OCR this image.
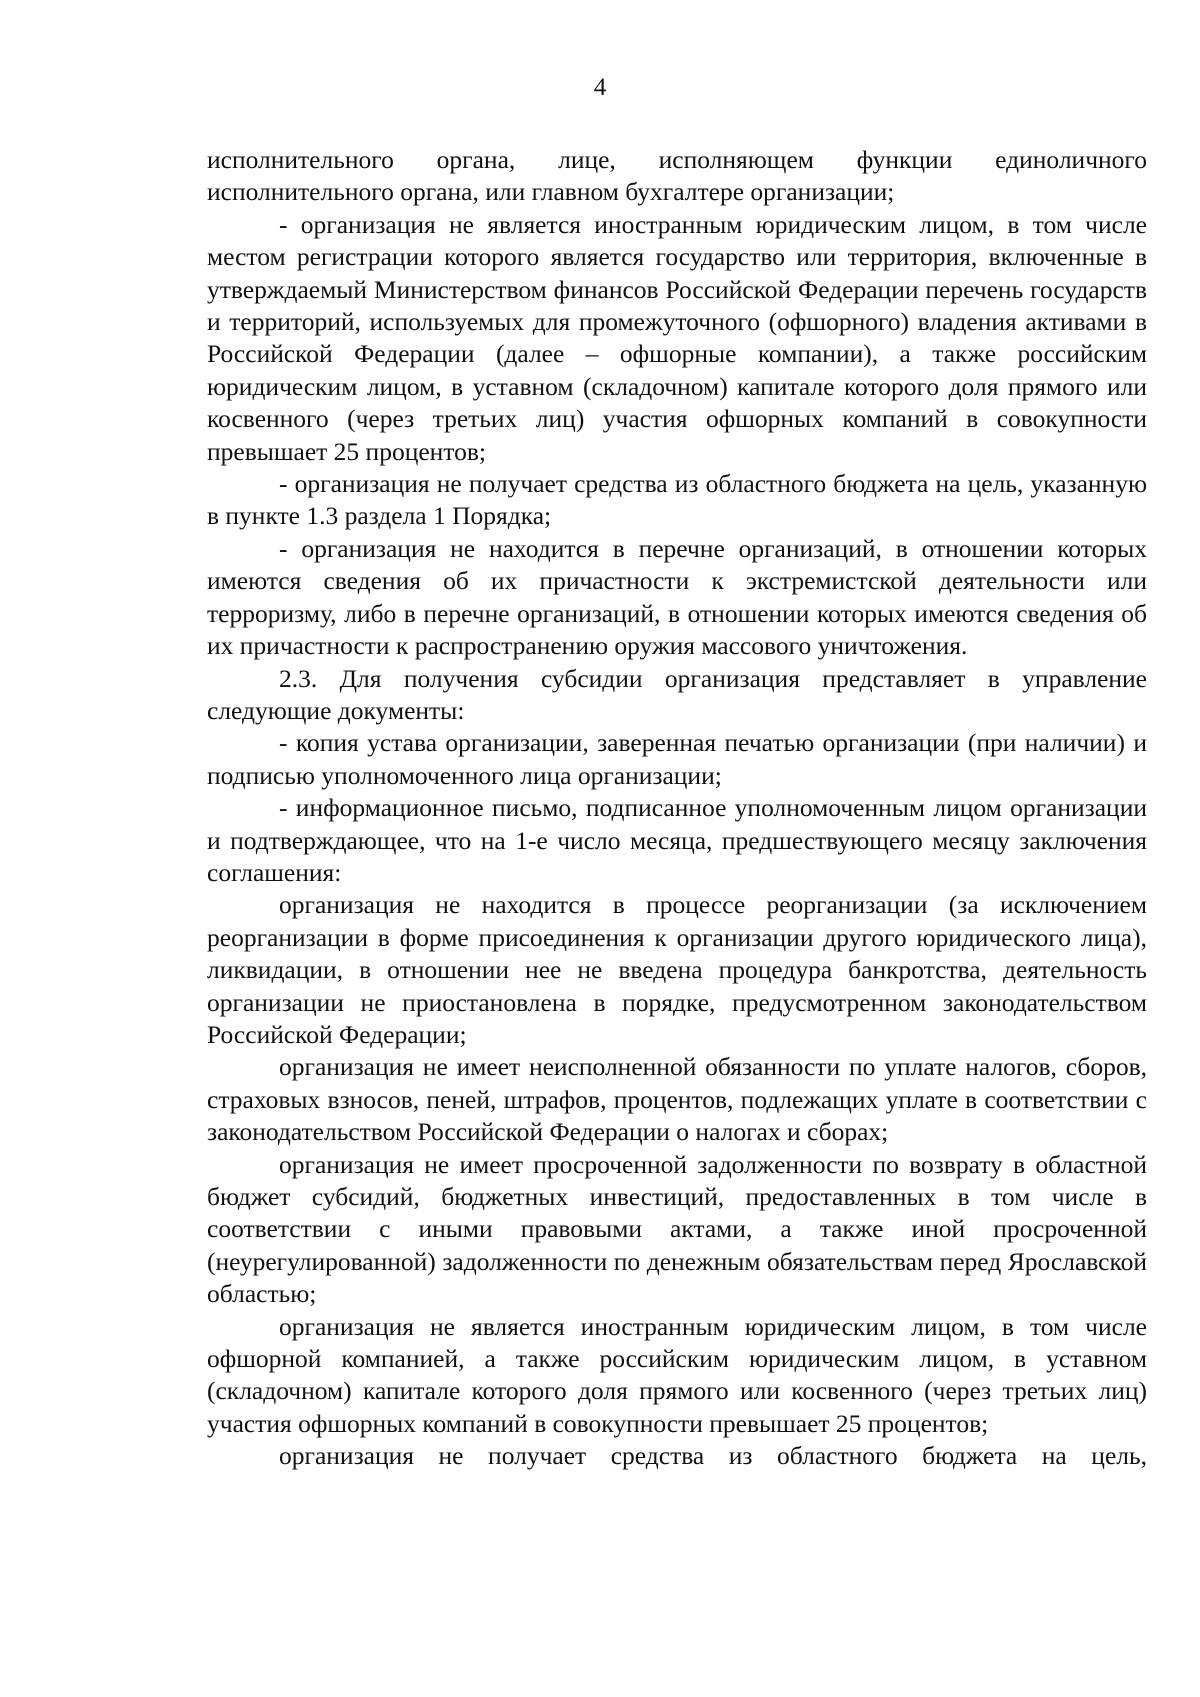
4

исполнительного органа, лице, исполняющем функции единоличного исполнительного органа, или главном бухгалтере организации;

- организация не является иностранным юридическим лицом, в том числе местом регистрации которого является государство или территория, включенные в утверждаемый Министерством финансов Российской Федерации перечень государств и территорий, используемых для промежуточного (офшорного) владения активами в Российской Федерации (далее – офшорные компании), а также российским юридическим лицом, в уставном (складочном) капитале которого доля прямого или косвенного (через третьих лиц) участия офшорных компаний в совокупности превышает 25 процентов;

- организация не получает средства из областного бюджета на цель, указанную в пункте 1.3 раздела 1 Порядка;

- организация не находится в перечне организаций, в отношении которых имеются сведения об их причастности к экстремистской деятельности или терроризму, либо в перечне организаций, в отношении которых имеются сведения об их причастности к распространению оружия массового уничтожения.

2.3. Для получения субсидии организация представляет в управление следующие документы:

- копия устава организации, заверенная печатью организации (при наличии) и подписью уполномоченного лица организации;

- информационное письмо, подписанное уполномоченным лицом организации и подтверждающее, что на 1-е число месяца, предшествующего месяцу заключения соглашения:

организация не находится в процессе реорганизации (за исключением реорганизации в форме присоединения к организации другого юридического лица), ликвидации, в отношении нее не введена процедура банкротства, деятельность организации не приостановлена в порядке, предусмотренном законодательством Российской Федерации;

организация не имеет неисполненной обязанности по уплате налогов, сборов, страховых взносов, пеней, штрафов, процентов, подлежащих уплате в соответствии с законодательством Российской Федерации о налогах и сборах;

организация не имеет просроченной задолженности по возврату в областной бюджет субсидий, бюджетных инвестиций, предоставленных в том числе в соответствии с иными правовыми актами, а также иной просроченной (неурегулированной) задолженности по денежным обязательствам перед Ярославской областью;

организация не является иностранным юридическим лицом, в том числе офшорной компанией, а также российским юридическим лицом, в уставном (складочном) капитале которого доля прямого или косвенного (через третьих лиц) участия офшорных компаний в совокупности превышает 25 процентов;

организация не получает средства из областного бюджета на цель,
